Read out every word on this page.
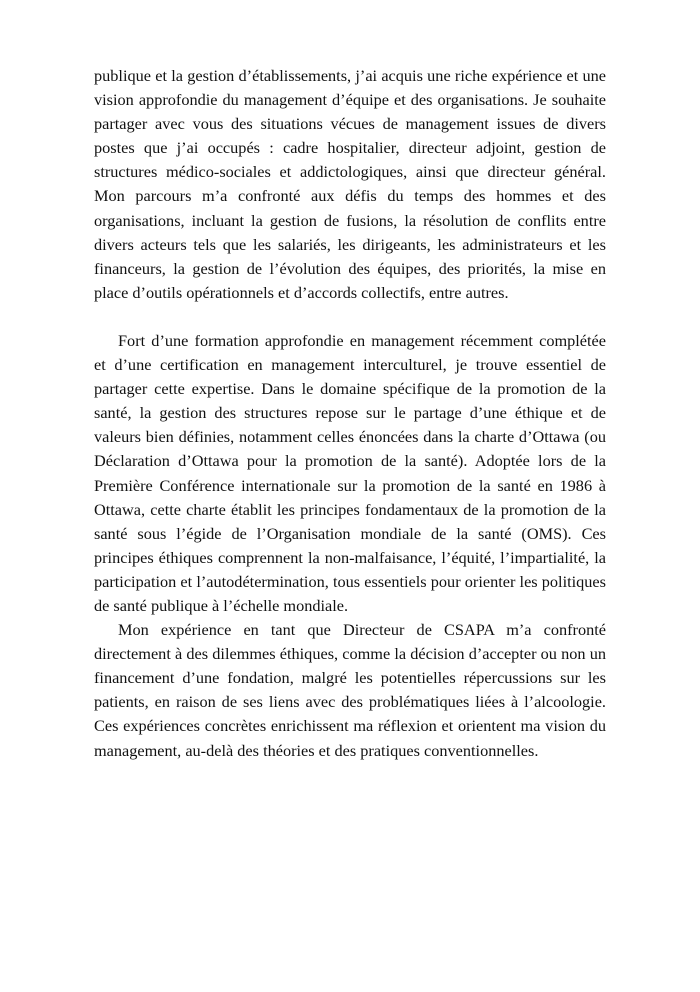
publique et la gestion d’établissements, j’ai acquis une riche expérience et une vision approfondie du management d’équipe et des organisations. Je souhaite partager avec vous des situations vécues de management issues de divers postes que j’ai occupés : cadre hospitalier, directeur adjoint, gestion de structures médico-sociales et addictologiques, ainsi que directeur général. Mon parcours m’a confronté aux défis du temps des hommes et des organisations, incluant la gestion de fusions, la résolution de conflits entre divers acteurs tels que les salariés, les dirigeants, les administrateurs et les financeurs, la gestion de l’évolution des équipes, des priorités, la mise en place d’outils opérationnels et d’accords collectifs, entre autres.

Fort d’une formation approfondie en management récemment complétée et d’une certification en management interculturel, je trouve essentiel de partager cette expertise. Dans le domaine spécifique de la promotion de la santé, la gestion des structures repose sur le partage d’une éthique et de valeurs bien définies, notamment celles énoncées dans la charte d’Ottawa (ou Déclaration d’Ottawa pour la promotion de la santé). Adoptée lors de la Première Conférence internationale sur la promotion de la santé en 1986 à Ottawa, cette charte établit les principes fondamentaux de la promotion de la santé sous l’égide de l’Organisation mondiale de la santé (OMS). Ces principes éthiques comprennent la non-malfaisance, l’équité, l’impartialité, la participation et l’autodétermination, tous essentiels pour orienter les politiques de santé publique à l’échelle mondiale.

Mon expérience en tant que Directeur de CSAPA m’a confronté directement à des dilemmes éthiques, comme la décision d’accepter ou non un financement d’une fondation, malgré les potentielles répercussions sur les patients, en raison de ses liens avec des problématiques liées à l’alcoologie. Ces expériences concrètes enrichissent ma réflexion et orientent ma vision du management, au-delà des théories et des pratiques conventionnelles.
